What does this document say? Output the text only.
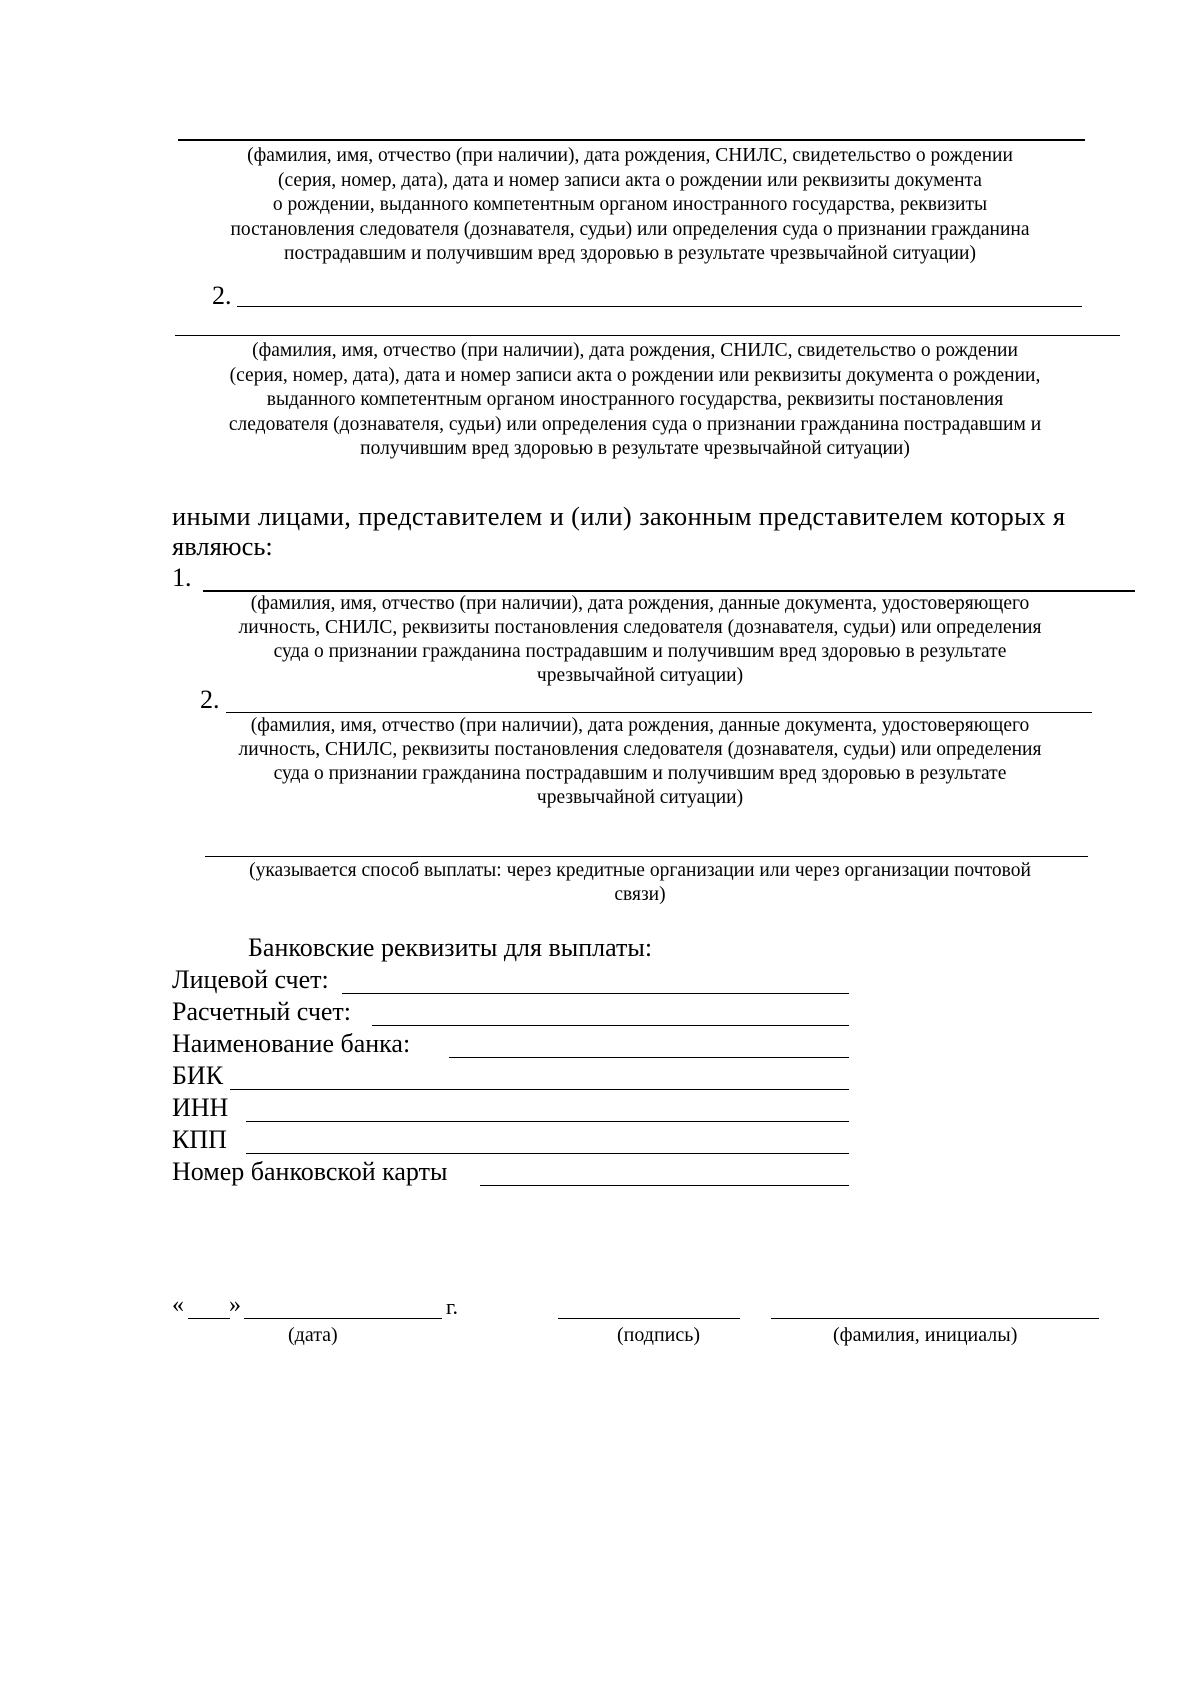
(фамилия, имя, отчество (при наличии), дата рождения, СНИЛС, свидетельство о рождении
(серия, номер, дата), дата и номер записи акта о рождении или реквизиты документа
о рождении, выданного компетентным органом иностранного государства, реквизиты
постановления следователя (дознавателя, судьи) или определения суда о признании гражданина
пострадавшим и получившим вред здоровью в результате чрезвычайной ситуации)
2.
(фамилия, имя, отчество (при наличии), дата рождения, СНИЛС, свидетельство о рождении
(серия, номер, дата), дата и номер записи акта о рождении или реквизиты документа о рождении,
выданного компетентным органом иностранного государства, реквизиты постановления
следователя (дознавателя, судьи) или определения суда о признании гражданина пострадавшим и
получившим вред здоровью в результате чрезвычайной ситуации)
иными лицами, представителем и (или) законным представителем которых я
являюсь:
1.
(фамилия, имя, отчество (при наличии), дата рождения, данные документа, удостоверяющего
личность, СНИЛС, реквизиты постановления следователя (дознавателя, судьи) или определения
суда о признании гражданина пострадавшим и получившим вред здоровью в результате
чрезвычайной ситуации)
2.
(фамилия, имя, отчество (при наличии), дата рождения, данные документа, удостоверяющего
личность, СНИЛС, реквизиты постановления следователя (дознавателя, судьи) или определения
суда о признании гражданина пострадавшим и получившим вред здоровью в результате
чрезвычайной ситуации)
(указывается способ выплаты: через кредитные организации или через организации почтовой
связи)
Банковские реквизиты для выплаты:
Лицевой счет:
Расчетный счет:
Наименование банка:
БИК
ИНН
КПП
Номер банковской карты
« »	г.
(дата)	(подпись)	(фамилия, инициалы)
